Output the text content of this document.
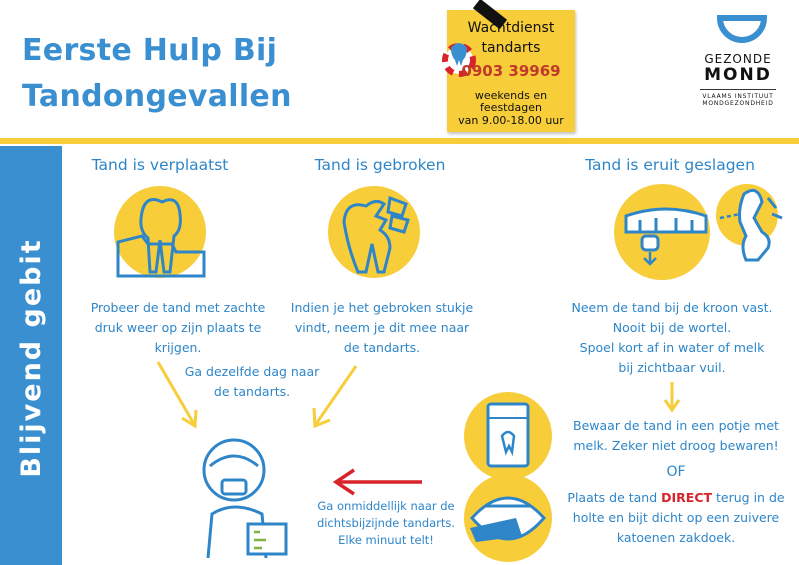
Eerste Hulp Bij
Tandongevallen
Wachtdienst
tandarts
0903 39969
weekends en
feestdagen
van 9.00-18.00 uur
GEZONDE
MOND
VLAAMS INSTITUUT
MONDGEZONDHEID
Blijvend gebit
Tand is verplaatst	Tand is gebroken	Tand is eruit geslagen
Probeer de tand met zachte
druk weer op zijn plaats te
krijgen.
Indien je het gebroken stukje
vindt, neem je dit mee naar
de tandarts.
Neem de tand bij de kroon vast.
Nooit bij de wortel.
Spoel kort af in water of melk
bij zichtbaar vuil.
Ga dezelfde dag naar
de tandarts.
Ga onmiddellijk naar de
dichtsbijzijnde tandarts.
Elke minuut telt!
Bewaar de tand in een potje met
melk. Zeker niet droog bewaren!
OF
Plaats de tand DIRECT terug in de
holte en bijt dicht op een zuivere
katoenen zakdoek.
